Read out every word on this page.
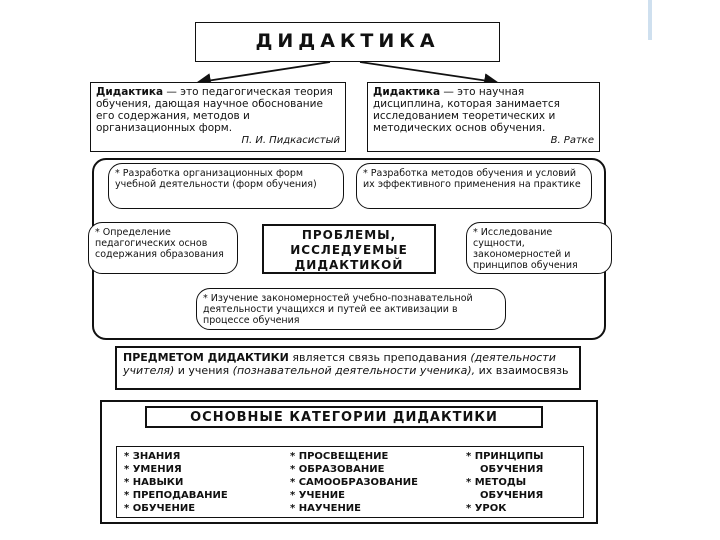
ДИДАКТИКА
Дидактика — это педагогическая теория обучения, дающая научное обоснование его содержания, методов и организационных форм.
П. И. Пидкасистый
Дидактика — это научная дисциплина, которая занимается исследованием теоретических и методических основ обучения.
В. Ратке
* Разработка организационных форм учебной деятельности (форм обучения)
* Разработка методов обучения и условий их эффективного применения на практике
* Определение педагогических основ содержания образования
* Исследование сущности, закономерностей и принципов обучения
ПРОБЛЕМЫ, ИССЛЕДУЕМЫЕ ДИДАКТИКОЙ
* Изучение закономерностей учебно-познавательной деятельности учащихся и путей ее активизации в процессе обучения
ПРЕДМЕТОМ ДИДАКТИКИ является связь преподавания (деятельности учителя) и учения (познавательной деятельности ученика), их взаимосвязь
ОСНОВНЫЕ КАТЕГОРИИ ДИДАКТИКИ
* ЗНАНИЯ
* УМЕНИЯ
* НАВЫКИ
* ПРЕПОДАВАНИЕ
* ОБУЧЕНИЕ
* ПРОСВЕЩЕНИЕ
* ОБРАЗОВАНИЕ
* САМООБРАЗОВАНИЕ
* УЧЕНИЕ
* НАУЧЕНИЕ
* ПРИНЦИПЫ
ОБУЧЕНИЯ
* МЕТОДЫ
ОБУЧЕНИЯ
* УРОК
